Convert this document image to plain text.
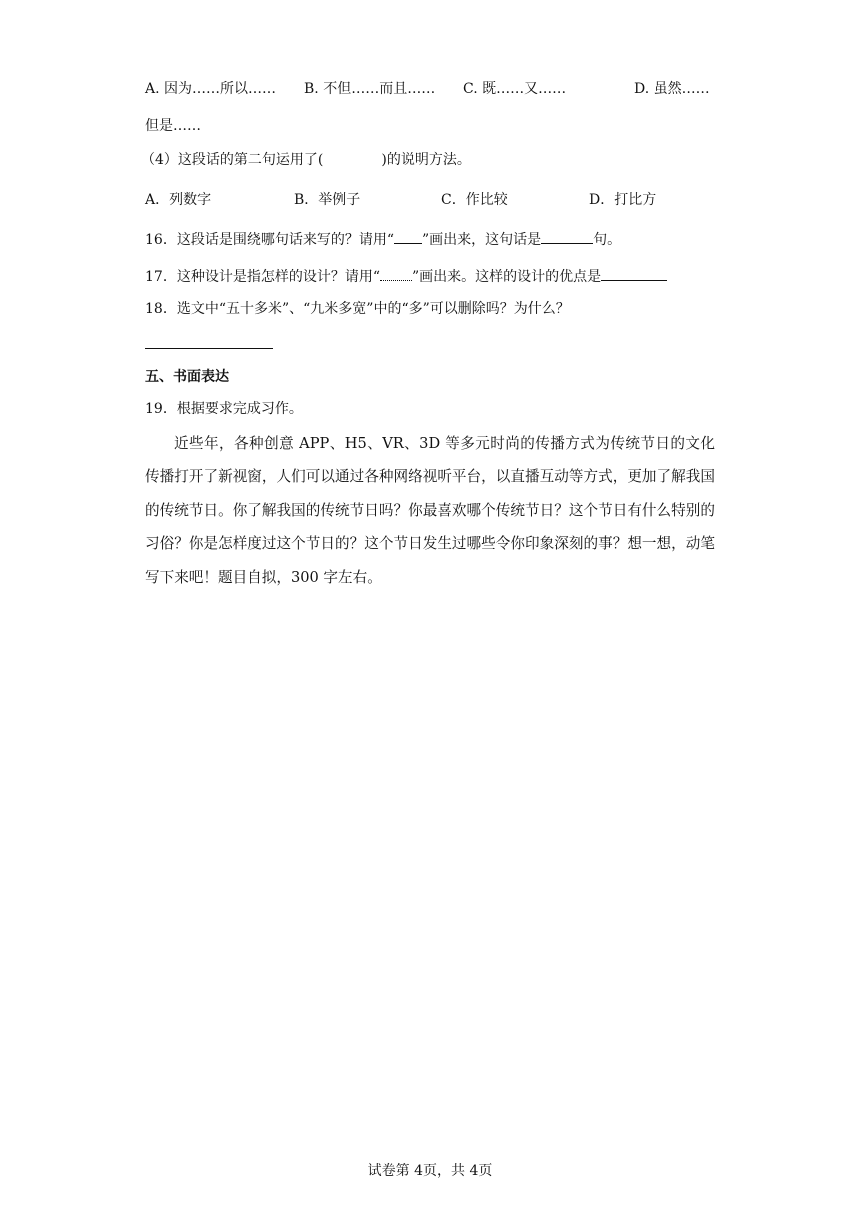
A. 因为……所以…… B. 不但……而且…… C. 既……又……	D. 虽然……
但是……
（4）这段话的第二句运用了(	)的说明方法。
A．列数字	B．举例子	C．作比较	D．打比方
16．这段话是围绕哪句话来写的？请用“ ”画出来，这句话是	句。
17．这种设计是指怎样的设计？请用“ ”画出来。这样的设计的优点是
18．选文中“五十多米”、“九米多宽”中的“多”可以删除吗？为什么？
五、书面表达
19．根据要求完成习作。
近些年，各种创意 APP、H5、VR、3D 等多元时尚的传播方式为传统节日的文化传播打开了新视窗，人们可以通过各种网络视听平台，以直播互动等方式，更加了解我国的传统节日。你了解我国的传统节日吗？你最喜欢哪个传统节日？这个节日有什么特别的习俗？你是怎样度过这个节日的？这个节日发生过哪些令你印象深刻的事？想一想，动笔写下来吧！题目自拟，300 字左右。
试卷第 4页，共 4页
